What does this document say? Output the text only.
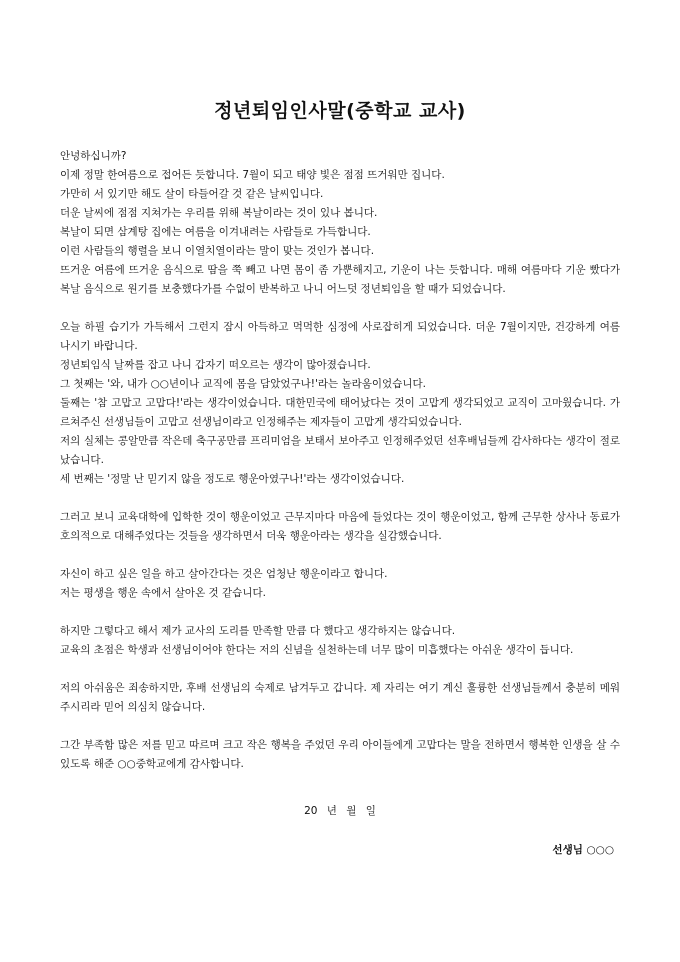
정년퇴임인사말(중학교 교사)
안녕하십니까?
이제 정말 한여름으로 접어든 듯합니다. 7월이 되고 태양 빛은 점점 뜨거워만 집니다.
가만히 서 있기만 해도 살이 타들어갈 것 같은 날씨입니다.
더운 날씨에 점점 지쳐가는 우리를 위해 복날이라는 것이 있나 봅니다.
복날이 되면 삼계탕 집에는 여름을 이겨내려는 사람들로 가득합니다.
이런 사람들의 행렬을 보니 이열치열이라는 말이 맞는 것인가 봅니다.
뜨거운 여름에 뜨거운 음식으로 땀을 쭉 빼고 나면 몸이 좀 가뿐해지고, 기운이 나는 듯합니다. 매해 여름마다 기운 빴다가 복날 음식으로 원기를 보충했다가를 수없이 반복하고 나니 어느덧 정년퇴임을 할 때가 되었습니다.
오늘 하필 습기가 가득해서 그런지 잠시 아득하고 먹먹한 심정에 사로잡히게 되었습니다. 더운 7월이지만, 건강하게 여름 나시기 바랍니다.
정년퇴임식 날짜를 잡고 나니 갑자기 떠오르는 생각이 많아졌습니다.
그 첫째는 '와, 내가 ○○년이나 교직에 몸을 담았었구나!'라는 놀라움이었습니다.
둘째는 '참 고맙고 고맙다!'라는 생각이었습니다. 대한민국에 태어났다는 것이 고맙게 생각되었고 교직이 고마웠습니다. 가르쳐주신 선생님들이 고맙고 선생님이라고 인정해주는 제자들이 고맙게 생각되었습니다.
저의 실체는 콩알만큼 작은데 축구공만큼 프리미엄을 보태서 보아주고 인정해주었던 선후배님들께 감사하다는 생각이 절로 났습니다.
세 번째는 '정말 난 믿기지 않을 정도로 행운아였구나!'라는 생각이었습니다.
그러고 보니 교육대학에 입학한 것이 행운이었고 근무지마다 마음에 들었다는 것이 행운이었고, 함께 근무한 상사나 동료가 호의적으로 대해주었다는 것들을 생각하면서 더욱 행운아라는 생각을 실감했습니다.
자신이 하고 싶은 일을 하고 살아간다는 것은 엄청난 행운이라고 합니다.
저는 평생을 행운 속에서 살아온 것 같습니다.
하지만 그렇다고 해서 제가 교사의 도리를 만족할 만큼 다 했다고 생각하지는 않습니다.
교육의 초점은 학생과 선생님이어야 한다는 저의 신념을 실천하는데 너무 많이 미흡했다는 아쉬운 생각이 듭니다.
저의 아쉬움은 죄송하지만, 후배 선생님의 숙제로 남겨두고 갑니다. 제 자리는 여기 계신 훌륭한 선생님들께서 충분히 메워주시리라 믿어 의심치 않습니다.
그간 부족함 많은 저를 믿고 따르며 크고 작은 행복을 주었던 우리 아이들에게 고맙다는 말을 전하면서 행복한 인생을 살 수 있도록 해준 ○○중학교에게 감사합니다.
20 년 월 일
선생님 ○○○
